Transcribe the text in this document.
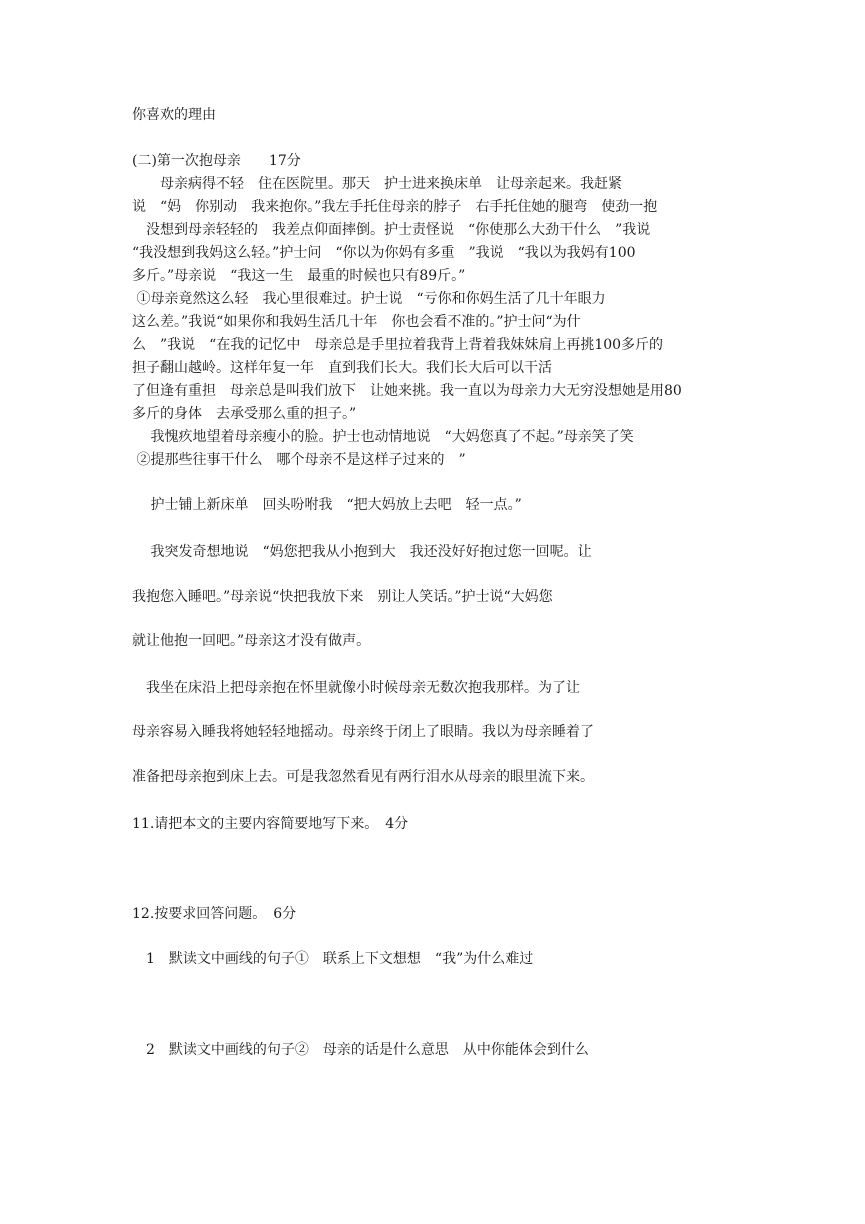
你喜欢的理由
(二)第一次抱母亲　　17分
　　母亲病得不轻　住在医院里。那天　护士进来换床单　让母亲起来。我赶紧
说　“妈　你别动　我来抱你。”我左手托住母亲的脖子　右手托住她的腿弯　使劲一抱
　没想到母亲轻轻的　我差点仰面摔倒。护士责怪说　“你使那么大劲干什么　”我说
“我没想到我妈这么轻。”护士问　“你以为你妈有多重　”我说　“我以为我妈有100
多斤。”母亲说　“我这一生　最重的时候也只有89斤。”
①母亲竟然这么轻　我心里很难过。护士说　“亏你和你妈生活了几十年眼力
这么差。”我说“如果你和我妈生活几十年　你也会看不准的。”护士问“为什
么　”我说　“在我的记忆中　母亲总是手里拉着我背上背着我妹妹肩上再挑100多斤的
担子翻山越岭。这样年复一年　直到我们长大。我们长大后可以干活
了但逢有重担　母亲总是叫我们放下　让她来挑。我一直以为母亲力大无穷没想她是用80
多斤的身体　去承受那么重的担子。”
　 我愧疚地望着母亲瘦小的脸。护士也动情地说　“大妈您真了不起。”母亲笑了笑
②提那些往事干什么　哪个母亲不是这样子过来的　”
　 护士铺上新床单　回头吩咐我　“把大妈放上去吧　轻一点。”
　 我突发奇想地说　“妈您把我从小抱到大　我还没好好抱过您一回呢。让
我抱您入睡吧。”母亲说“快把我放下来　别让人笑话。”护士说“大妈您
就让他抱一回吧。”母亲这才没有做声。
　我坐在床沿上把母亲抱在怀里就像小时候母亲无数次抱我那样。为了让
母亲容易入睡我将她轻轻地摇动。母亲终于闭上了眼睛。我以为母亲睡着了
准备把母亲抱到床上去。可是我忽然看见有两行泪水从母亲的眼里流下来。
11.请把本文的主要内容简要地写下来。　4分
12.按要求回答问题。　6分
　1　默读文中画线的句子①　联系上下文想想　“我”为什么难过
　2　默读文中画线的句子②　母亲的话是什么意思　从中你能体会到什么
